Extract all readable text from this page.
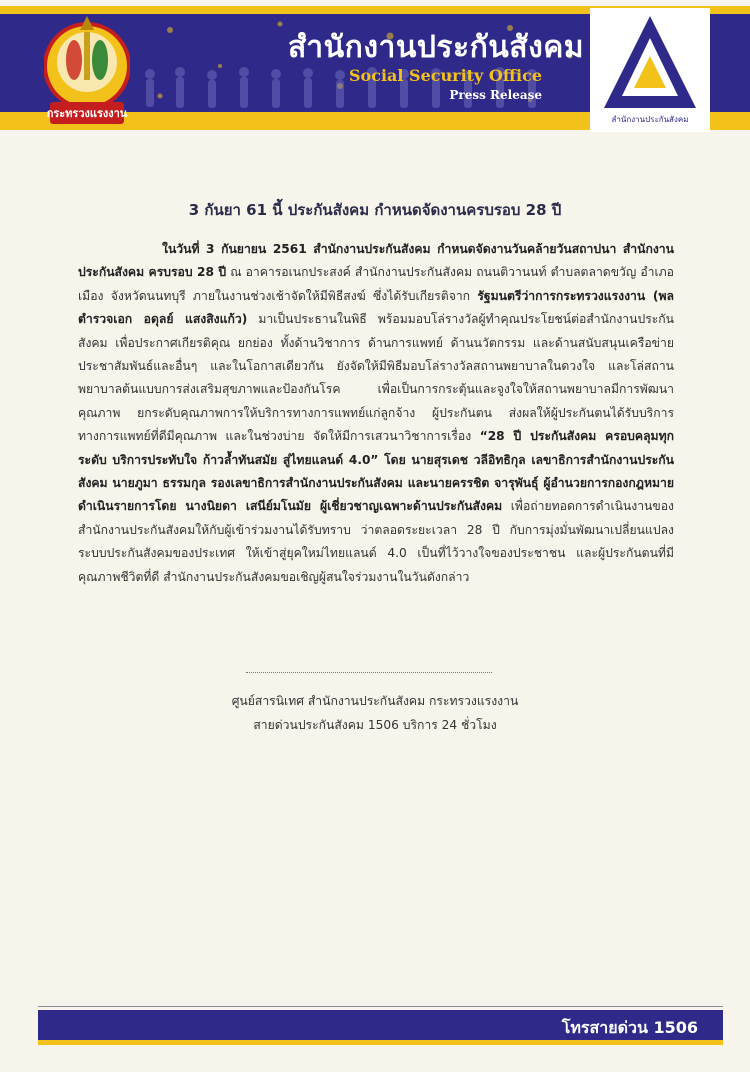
กระทรวงแรงงาน
สำนักงานประกันสังคม
Social Security Office
Press Release
สำนักงานประกันสังคม
3 กันยา 61 นี้ ประกันสังคม กำหนดจัดงานครบรอบ 28 ปี

ในวันที่ 3 กันยายน 2561 สำนักงานประกันสังคม กำหนดจัดงานวันคล้ายวันสถาปนา สำนักงานประกันสังคม ครบรอบ 28 ปี ณ อาคารอเนกประสงค์ สำนักงานประกันสังคม ถนนติวานนท์ ตำบลตลาดขวัญ อำเภอเมือง จังหวัดนนทบุรี ภายในงานช่วงเช้าจัดให้มีพิธีสงฆ์ ซึ่งได้รับเกียรติจาก รัฐมนตรีว่าการกระทรวงแรงงาน (พลตำรวจเอก อดุลย์ แสงสิงแก้ว) มาเป็นประธานในพิธี พร้อมมอบโล่รางวัลผู้ทำคุณประโยชน์ต่อสำนักงานประกันสังคม เพื่อประกาศเกียรติคุณ ยกย่อง ทั้งด้านวิชาการ ด้านการแพทย์ ด้านนวัตกรรม และด้านสนับสนุนเครือข่ายประชาสัมพันธ์และอื่นๆ และในโอกาสเดียวกัน ยังจัดให้มีพิธีมอบโล่รางวัลสถานพยาบาลในดวงใจ และโล่สถานพยาบาลต้นแบบการส่งเสริมสุขภาพและป้องกันโรค เพื่อเป็นการกระตุ้นและจูงใจให้สถานพยาบาลมีการพัฒนาคุณภาพ ยกระดับคุณภาพการให้บริการทางการแพทย์แก่ลูกจ้าง ผู้ประกันตน ส่งผลให้ผู้ประกันตนได้รับบริการทางการแพทย์ที่ดีมีคุณภาพ และในช่วงบ่าย จัดให้มีการเสวนาวิชาการเรื่อง “28 ปี ประกันสังคม ครอบคลุมทุกระดับ บริการประทับใจ ก้าวล้ำทันสมัย สู่ไทยแลนด์ 4.0” โดย นายสุรเดช วลีอิทธิกุล เลขาธิการสำนักงานประกันสังคม นายภูมา ธรรมกุล รองเลขาธิการสำนักงานประกันสังคม และนายครรชิต จารุพันธุ์ ผู้อำนวยการกองกฎหมาย ดำเนินรายการโดย นางนิยดา เสนีย์มโนมัย ผู้เชี่ยวชาญเฉพาะด้านประกันสังคม เพื่อถ่ายทอดการดำเนินงานของสำนักงานประกันสังคมให้กับผู้เข้าร่วมงานได้รับทราบ ว่าตลอดระยะเวลา 28 ปี กับการมุ่งมั่นพัฒนาเปลี่ยนแปลงระบบประกันสังคมของประเทศ ให้เข้าสู่ยุคใหม่ไทยแลนด์ 4.0 เป็นที่ไว้วางใจของประชาชน และผู้ประกันตนที่มีคุณภาพชีวิตที่ดี สำนักงานประกันสังคมขอเชิญผู้สนใจร่วมงานในวันดังกล่าว

ศูนย์สารนิเทศ สำนักงานประกันสังคม กระทรวงแรงงาน
สายด่วนประกันสังคม 1506 บริการ 24 ชั่วโมง
โทรสายด่วน 1506
